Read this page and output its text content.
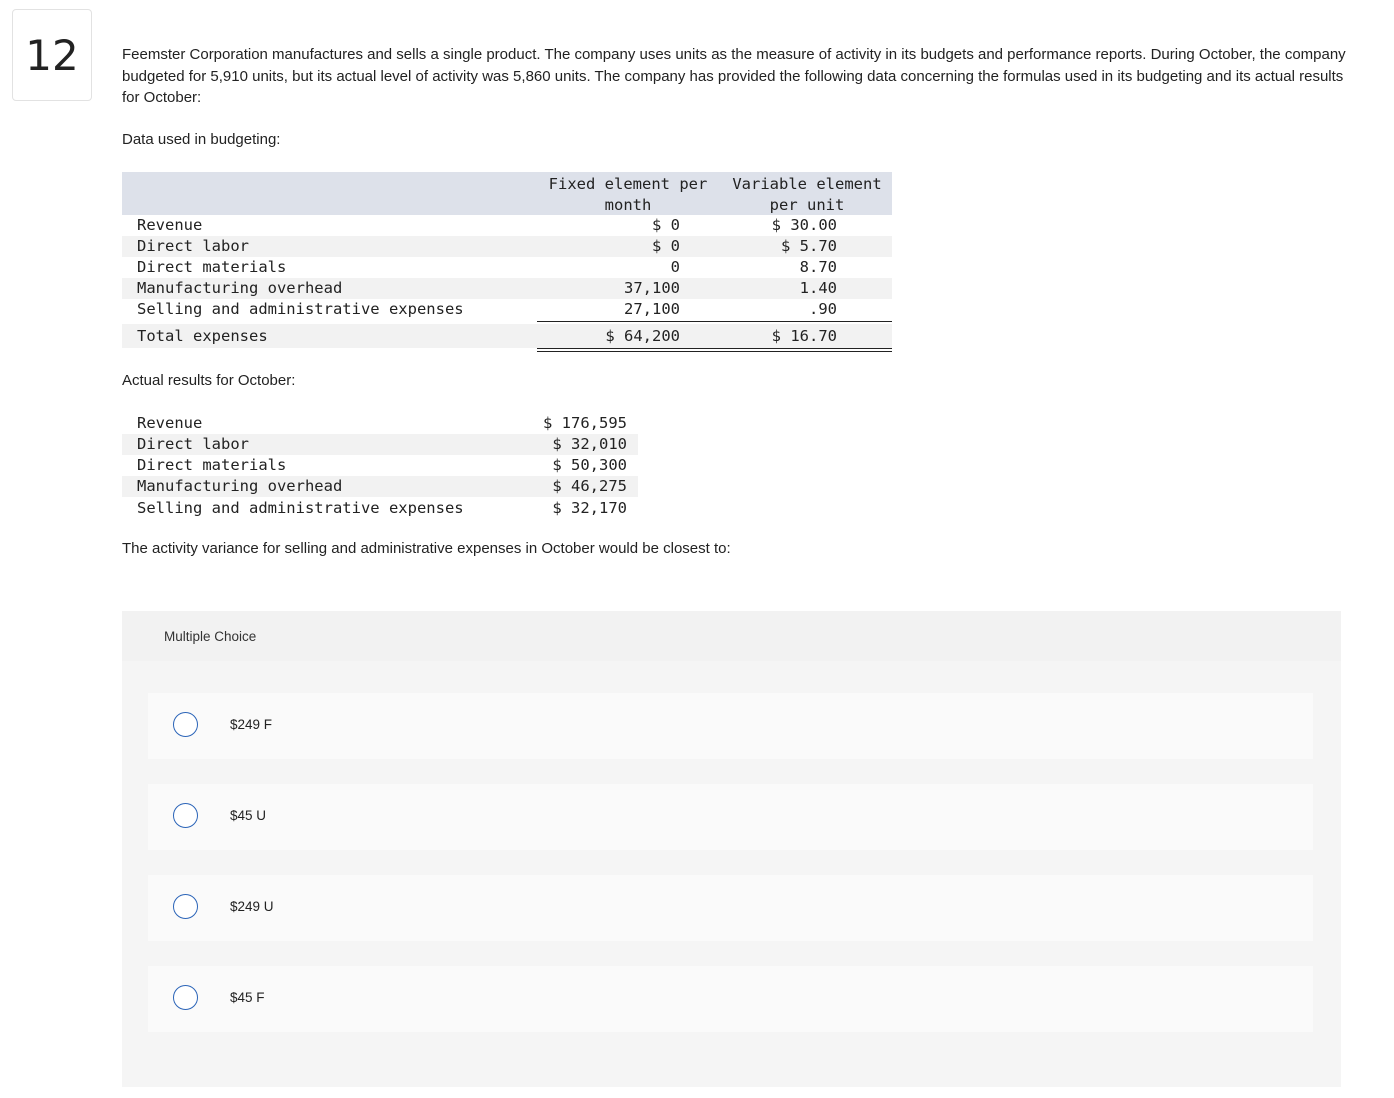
12	Feemster Corporation manufactures and sells a single product. The company uses units as the measure of activity in its budgets and performance reports. During October, the company budgeted for 5,910 units, but its actual level of activity was 5,860 units. The company has provided the following data concerning the formulas used in its budgeting and its actual results for October:
Data used in budgeting:
Fixed element per
month
Variable element
per unit
Revenue	$ 0	$ 30.00
Direct labor	$ 0	$ 5.70
Direct materials	0	8.70
Manufacturing overhead	37,100	1.40
Selling and administrative expenses	27,100	.90
Total expenses	$ 64,200	$ 16.70
Actual results for October:
Revenue	$ 176,595
Direct labor	$ 32,010
Direct materials	$ 50,300
Manufacturing overhead	$ 46,275
Selling and administrative expenses	$ 32,170
The activity variance for selling and administrative expenses in October would be closest to:
Multiple Choice
$249 F
$45 U
$249 U
$45 F
